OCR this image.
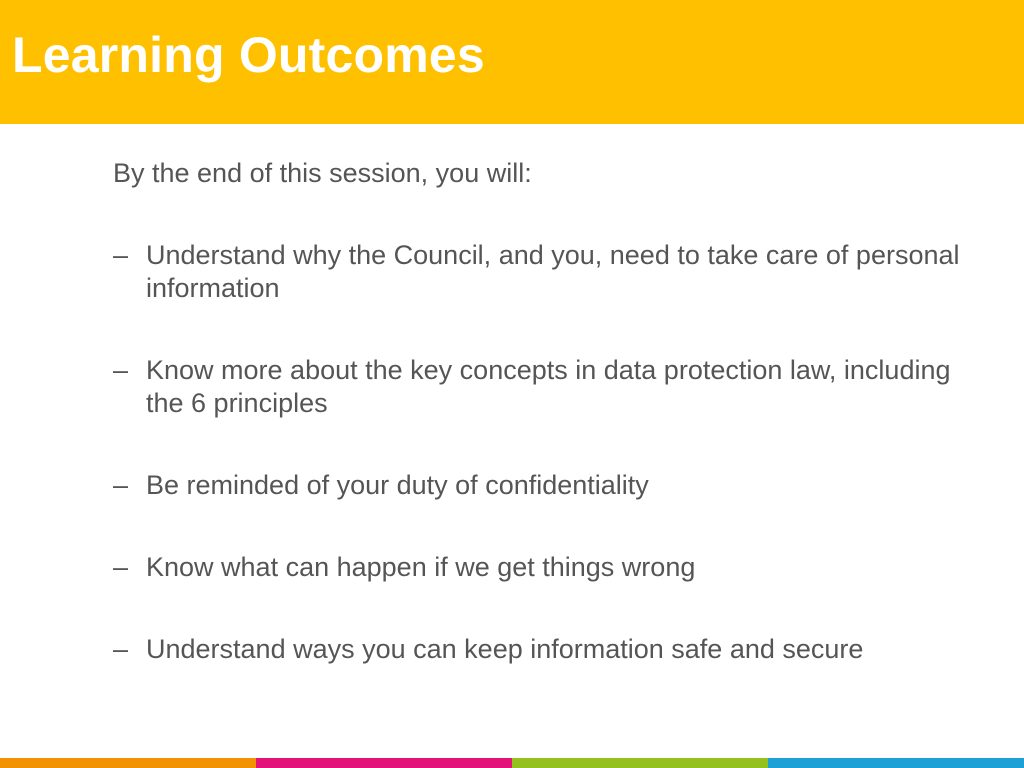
Learning Outcomes

By the end of this session, you will:

– Understand why the Council, and you, need to take care of personal information
– Know more about the key concepts in data protection law, including the 6 principles
– Be reminded of your duty of confidentiality
– Know what can happen if we get things wrong
– Understand ways you can keep information safe and secure
